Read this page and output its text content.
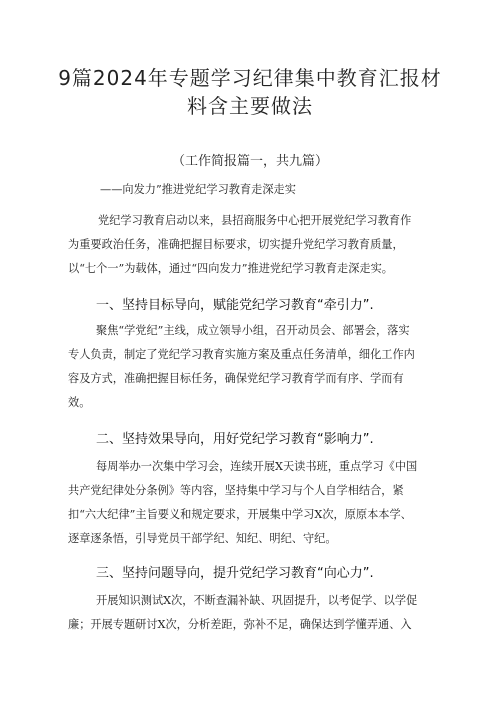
9篇2024年专题学习纪律集中教育汇报材
料含主要做法
（工作简报篇一，共九篇）
——向发力”推进党纪学习教育走深走实
党纪学习教育启动以来，县招商服务中心把开展党纪学习教育作
为重要政治任务，准确把握目标要求，切实提升党纪学习教育质量，
以“七个一”为载体，通过“四向发力”推进党纪学习教育走深走实。
一、坚持目标导向，赋能党纪学习教育“牵引力”.
聚焦“学党纪”主线，成立领导小组，召开动员会、部署会，落实
专人负责，制定了党纪学习教育实施方案及重点任务清单，细化工作内
容及方式，准确把握目标任务，确保党纪学习教育学而有序、学而有
效。
二、坚持效果导向，用好党纪学习教育“影响力”.
每周举办一次集中学习会，连续开展X天读书班，重点学习《中国
共产党纪律处分条例》等内容，坚持集中学习与个人自学相结合，紧
扣“六大纪律”主旨要义和规定要求，开展集中学习X次，原原本本学、
逐章逐条悟，引导党员干部学纪、知纪、明纪、守纪。
三、坚持问题导向，提升党纪学习教育“向心力”.
开展知识测试X次，不断查漏补缺、巩固提升，以考促学、以学促
廉；开展专题研讨X次，分析差距，弥补不足，确保达到学懂弄通、入
